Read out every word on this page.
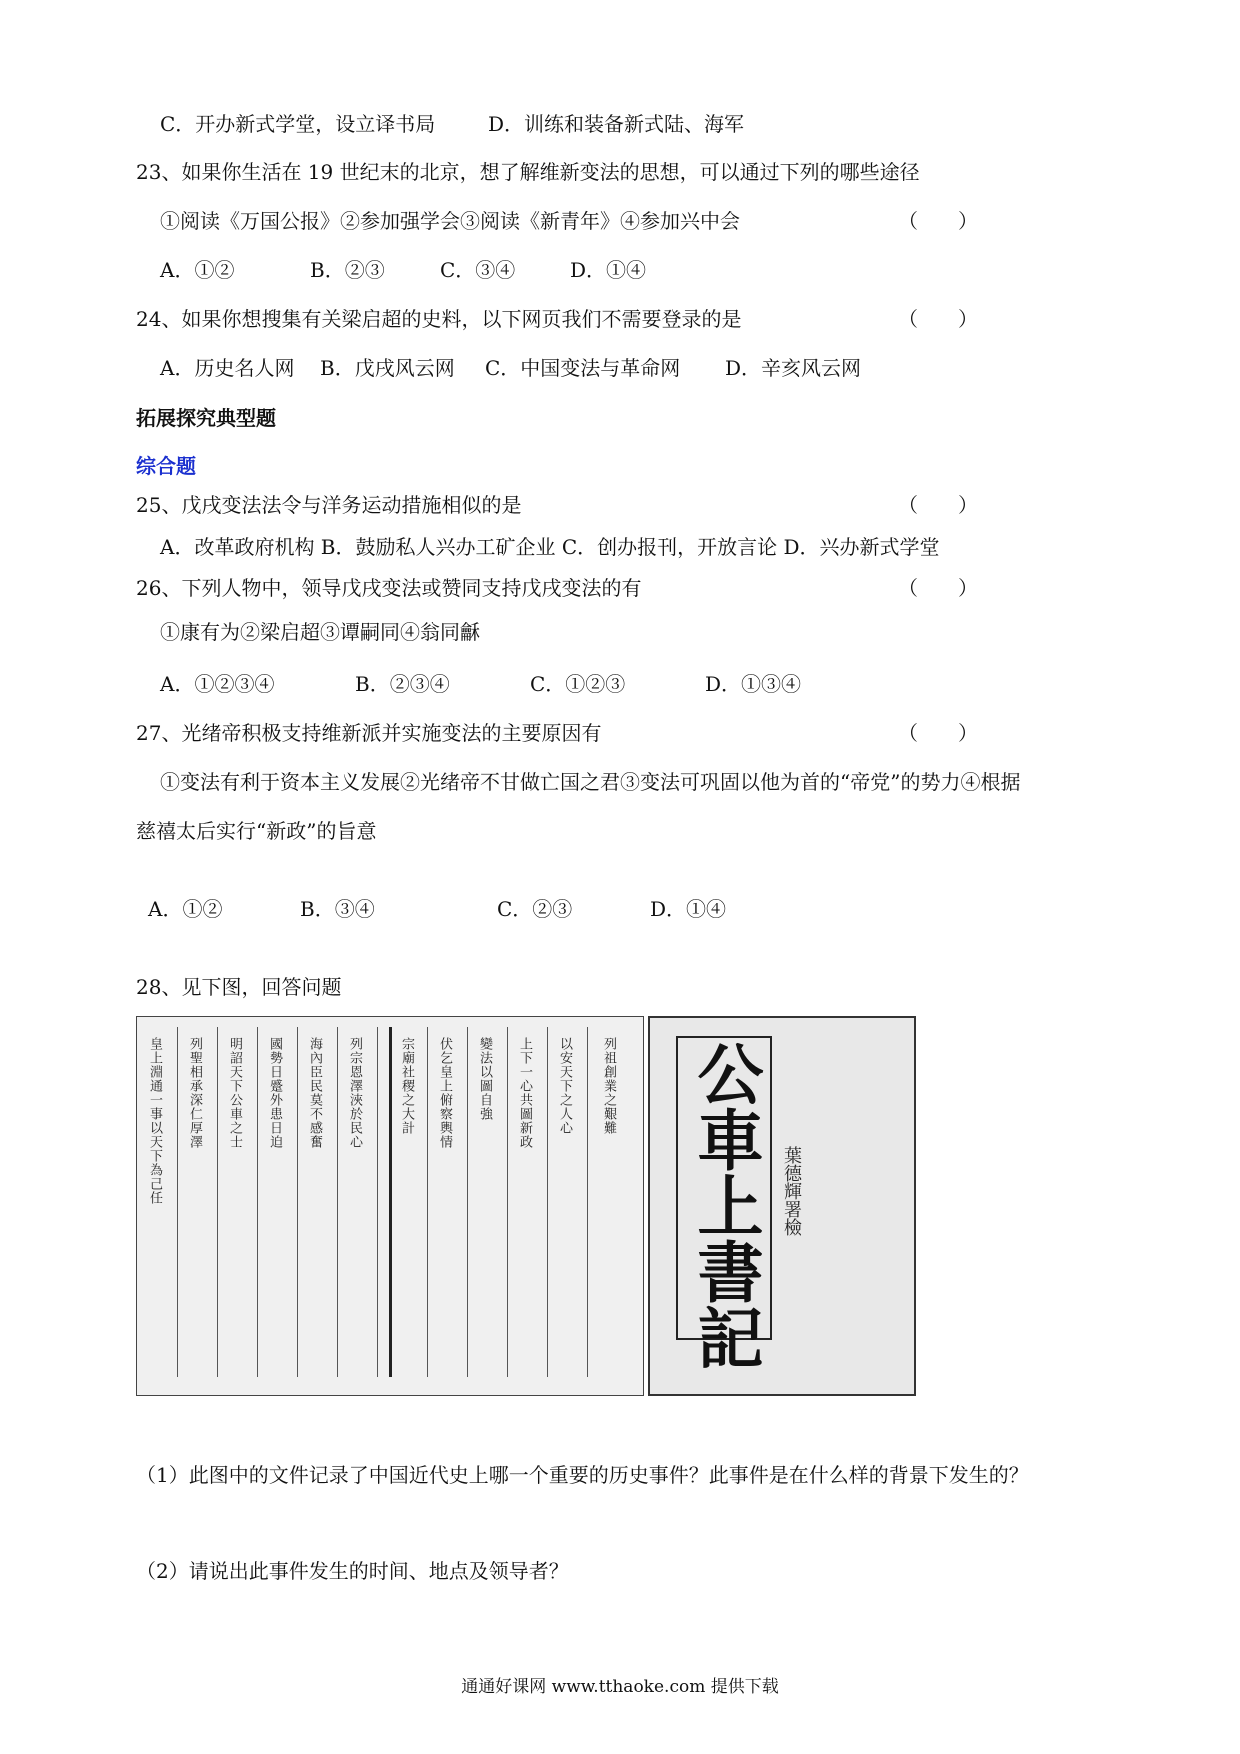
C．开办新式学堂，设立译书局	D．训练和装备新式陆、海军
23、如果你生活在 19 世纪末的北京，想了解维新变法的思想，可以通过下列的哪些途径
①阅读《万国公报》②参加强学会③阅读《新青年》④参加兴中会	（　　）
A．①②	B．②③	C．③④	D．①④
24、如果你想搜集有关梁启超的史料，以下网页我们不需要登录的是	（　　）
A．历史名人网 B．戊戌风云网 C．中国变法与革命网 D．辛亥风云网
拓展探究典型题
综合题
25、戊戌变法法令与洋务运动措施相似的是	（　　）
A．改革政府机构 B．鼓励私人兴办工矿企业 C．创办报刊，开放言论 D．兴办新式学堂
26、下列人物中，领导戊戌变法或赞同支持戊戌变法的有	（　　）
①康有为②梁启超③谭嗣同④翁同龢
A．①②③④	B．②③④	C．①②③	D．①③④
27、光绪帝积极支持维新派并实施变法的主要原因有	（　　）
①变法有利于资本主义发展②光绪帝不甘做亡国之君③变法可巩固以他为首的“帝党”的势力④根据
慈禧太后实行“新政”的旨意
A．①②	B．③④	C．②③	D．①④
28、见下图，回答问题
皇上淵通一事以天下為己任 列聖相承深仁厚澤 明詔天下公車之士 國勢日蹙外患日迫 海內臣民莫不感奮 列宗恩澤浹於民心	宗廟社稷之大計 伏乞皇上俯察輿情 變法以圖自強 上下一心共圖新政 以安天下之人心 列祖創業之艱難 公車上書記 葉德輝署檢
（1）此图中的文件记录了中国近代史上哪一个重要的历史事件？此事件是在什么样的背景下发生的？
（2）请说出此事件发生的时间、地点及领导者？
通通好课网 www.tthaoke.com 提供下载
